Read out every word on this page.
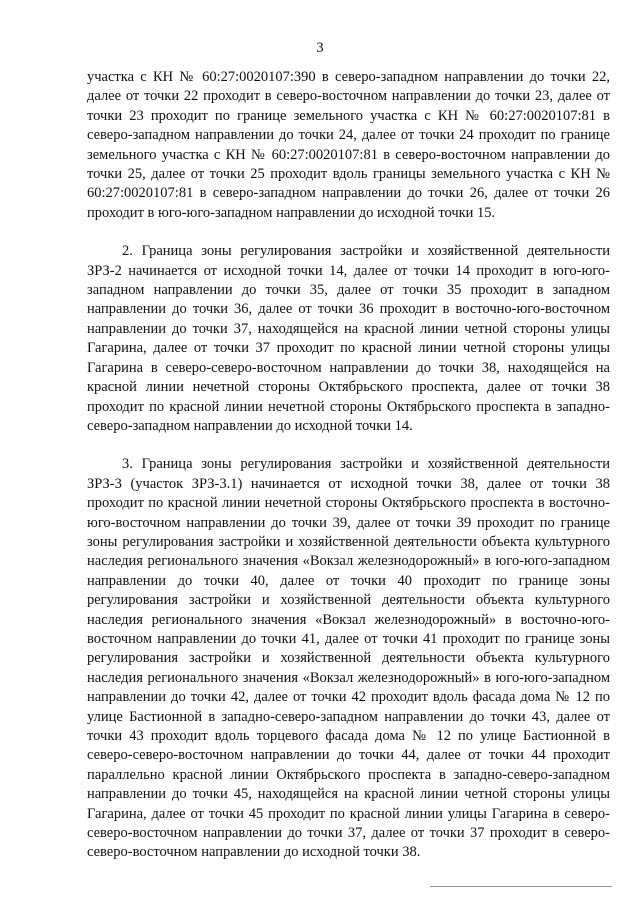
3

участка с КН № 60:27:0020107:390 в северо-западном направлении до точки 22, далее от точки 22 проходит в северо-восточном направлении до точки 23, далее от точки 23 проходит по границе земельного участка с КН № 60:27:0020107:81 в северо-западном направлении до точки 24, далее от точки 24 проходит по границе земельного участка с КН № 60:27:0020107:81 в северо-восточном направлении до точки 25, далее от точки 25 проходит вдоль границы земельного участка с КН № 60:27:0020107:81 в северо-западном направлении до точки 26, далее от точки 26 проходит в юго-юго-западном направлении до исходной точки 15.

2. Граница зоны регулирования застройки и хозяйственной деятельности ЗРЗ-2 начинается от исходной точки 14, далее от точки 14 проходит в юго-юго-западном направлении до точки 35, далее от точки 35 проходит в западном направлении до точки 36, далее от точки 36 проходит в восточно-юго-восточном направлении до точки 37, находящейся на красной линии четной стороны улицы Гагарина, далее от точки 37 проходит по красной линии четной стороны улицы Гагарина в северо-северо-восточном направлении до точки 38, находящейся на красной линии нечетной стороны Октябрьского проспекта, далее от точки 38 проходит по красной линии нечетной стороны Октябрьского проспекта в западно-северо-западном направлении до исходной точки 14.

3. Граница зоны регулирования застройки и хозяйственной деятельности ЗРЗ-3 (участок ЗРЗ-3.1) начинается от исходной точки 38, далее от точки 38 проходит по красной линии нечетной стороны Октябрьского проспекта в восточно-юго-восточном направлении до точки 39, далее от точки 39 проходит по границе зоны регулирования застройки и хозяйственной деятельности объекта культурного наследия регионального значения «Вокзал железнодорожный» в юго-юго-западном направлении до точки 40, далее от точки 40 проходит по границе зоны регулирования застройки и хозяйственной деятельности объекта культурного наследия регионального значения «Вокзал железнодорожный» в восточно-юго-восточном направлении до точки 41, далее от точки 41 проходит по границе зоны регулирования застройки и хозяйственной деятельности объекта культурного наследия регионального значения «Вокзал железнодорожный» в юго-юго-западном направлении до точки 42, далее от точки 42 проходит вдоль фасада дома № 12 по улице Бастионной в западно-северо-западном направлении до точки 43, далее от точки 43 проходит вдоль торцевого фасада дома № 12 по улице Бастионной в северо-северо-восточном направлении до точки 44, далее от точки 44 проходит параллельно красной линии Октябрьского проспекта в западно-северо-западном направлении до точки 45, находящейся на красной линии четной стороны улицы Гагарина, далее от точки 45 проходит по красной линии улицы Гагарина в северо-северо-восточном направлении до точки 37, далее от точки 37 проходит в северо-северо-восточном направлении до исходной точки 38.
